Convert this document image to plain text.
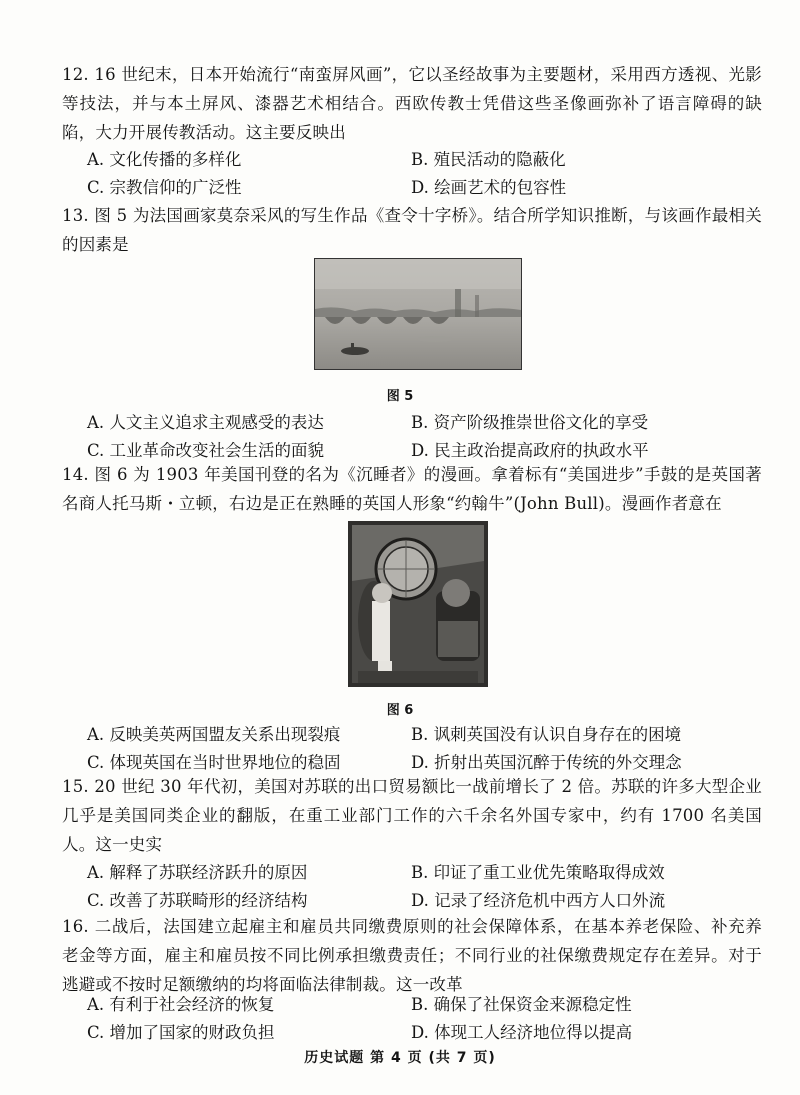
12. 16 世纪末，日本开始流行“南蛮屏风画”，它以圣经故事为主要题材，采用西方透视、光影等技法，并与本土屏风、漆器艺术相结合。西欧传教士凭借这些圣像画弥补了语言障碍的缺陷，大力开展传教活动。这主要反映出

A. 文化传播的多样化	B. 殖民活动的隐蔽化
C. 宗教信仰的广泛性	D. 绘画艺术的包容性

13. 图 5 为法国画家莫奈采风的写生作品《查令十字桥》。结合所学知识推断，与该画作最相关的因素是

图 5
A. 人文主义追求主观感受的表达	B. 资产阶级推崇世俗文化的享受
C. 工业革命改变社会生活的面貌	D. 民主政治提高政府的执政水平

14. 图 6 为 1903 年美国刊登的名为《沉睡者》的漫画。拿着标有“美国进步”手鼓的是英国著名商人托马斯・立顿，右边是正在熟睡的英国人形象“约翰牛”(John Bull)。漫画作者意在

图 6
A. 反映美英两国盟友关系出现裂痕	B. 讽刺英国没有认识自身存在的困境
C. 体现英国在当时世界地位的稳固	D. 折射出英国沉醉于传统的外交理念

15. 20 世纪 30 年代初，美国对苏联的出口贸易额比一战前增长了 2 倍。苏联的许多大型企业几乎是美国同类企业的翻版，在重工业部门工作的六千余名外国专家中，约有 1700 名美国人。这一史实

A. 解释了苏联经济跃升的原因	B. 印证了重工业优先策略取得成效
C. 改善了苏联畸形的经济结构	D. 记录了经济危机中西方人口外流

16. 二战后，法国建立起雇主和雇员共同缴费原则的社会保障体系，在基本养老保险、补充养老金等方面，雇主和雇员按不同比例承担缴费责任；不同行业的社保缴费规定存在差异。对于逃避或不按时足额缴纳的均将面临法律制裁。这一改革

A. 有利于社会经济的恢复	B. 确保了社保资金来源稳定性
C. 增加了国家的财政负担	D. 体现工人经济地位得以提高
历史试题 第 4 页 (共 7 页)
